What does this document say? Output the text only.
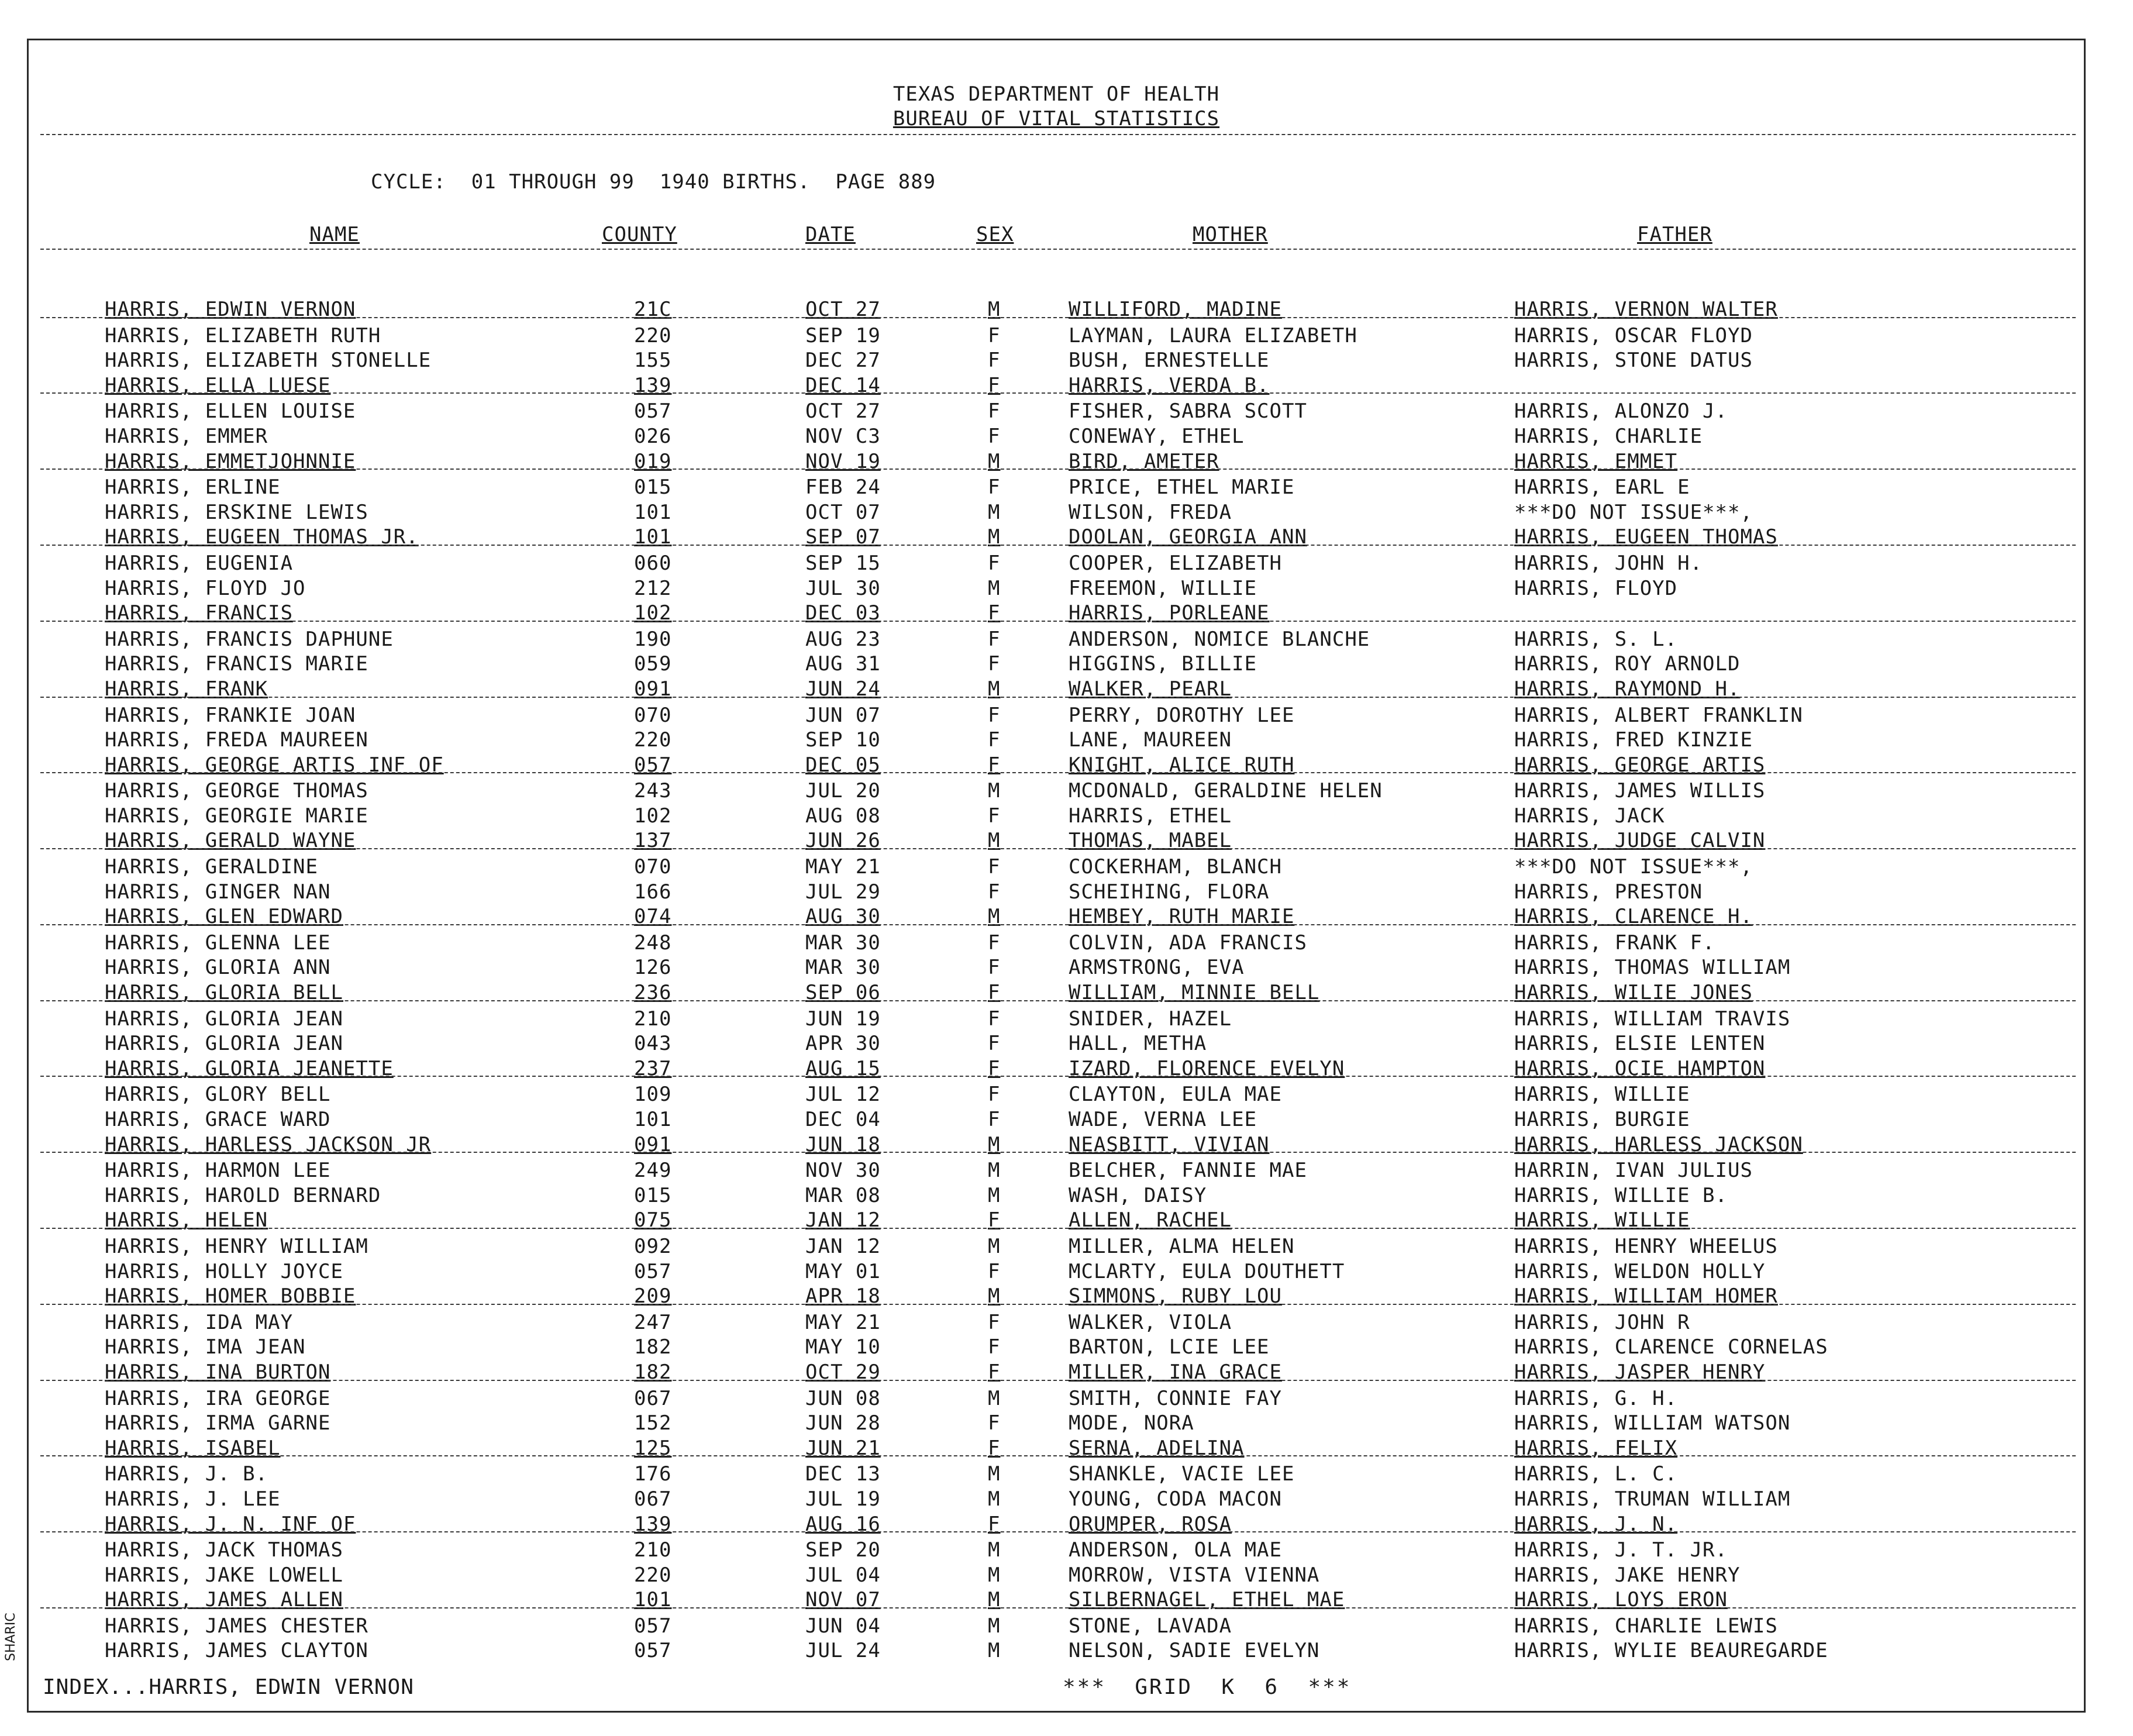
TEXAS DEPARTMENT OF HEALTH
BUREAU OF VITAL STATISTICS
CYCLE:  01 THROUGH 99  1940 BIRTHS.  PAGE 889
NAME	COUNTY	DATE	SEX	MOTHER	FATHER
HARRIS, EDWIN VERNON	21C	OCT 27	M	WILLIFORD, MADINE	HARRIS, VERNON WALTER
HARRIS, ELIZABETH RUTH	220	SEP 19	F	LAYMAN, LAURA ELIZABETH	HARRIS, OSCAR FLOYD
HARRIS, ELIZABETH STONELLE	155	DEC 27	F	BUSH, ERNESTELLE	HARRIS, STONE DATUS
HARRIS, ELLA LUESE	139	DEC 14	F	HARRIS, VERDA B.
HARRIS, ELLEN LOUISE	057	OCT 27	F	FISHER, SABRA SCOTT	HARRIS, ALONZO J.
HARRIS, EMMER	026	NOV C3	F	CONEWAY, ETHEL	HARRIS, CHARLIE
HARRIS, EMMETJOHNNIE	019	NOV 19	M	BIRD, AMETER	HARRIS, EMMET
HARRIS, ERLINE	015	FEB 24	F	PRICE, ETHEL MARIE	HARRIS, EARL E
HARRIS, ERSKINE LEWIS	101	OCT 07	M	WILSON, FREDA	***DO NOT ISSUE***,
HARRIS, EUGEEN THOMAS JR.	101	SEP 07	M	DOOLAN, GEORGIA ANN	HARRIS, EUGEEN THOMAS
HARRIS, EUGENIA	060	SEP 15	F	COOPER, ELIZABETH	HARRIS, JOHN H.
HARRIS, FLOYD JO	212	JUL 30	M	FREEMON, WILLIE	HARRIS, FLOYD
HARRIS, FRANCIS	102	DEC 03	F	HARRIS, PORLEANE
HARRIS, FRANCIS DAPHUNE	190	AUG 23	F	ANDERSON, NOMICE BLANCHE	HARRIS, S. L.
HARRIS, FRANCIS MARIE	059	AUG 31	F	HIGGINS, BILLIE	HARRIS, ROY ARNOLD
HARRIS, FRANK	091	JUN 24	M	WALKER, PEARL	HARRIS, RAYMOND H.
HARRIS, FRANKIE JOAN	070	JUN 07	F	PERRY, DOROTHY LEE	HARRIS, ALBERT FRANKLIN
HARRIS, FREDA MAUREEN	220	SEP 10	F	LANE, MAUREEN	HARRIS, FRED KINZIE
HARRIS, GEORGE ARTIS INF OF	057	DEC 05	F	KNIGHT, ALICE RUTH	HARRIS, GEORGE ARTIS
HARRIS, GEORGE THOMAS	243	JUL 20	M	MCDONALD, GERALDINE HELEN	HARRIS, JAMES WILLIS
HARRIS, GEORGIE MARIE	102	AUG 08	F	HARRIS, ETHEL	HARRIS, JACK
HARRIS, GERALD WAYNE	137	JUN 26	M	THOMAS, MABEL	HARRIS, JUDGE CALVIN
HARRIS, GERALDINE	070	MAY 21	F	COCKERHAM, BLANCH	***DO NOT ISSUE***,
HARRIS, GINGER NAN	166	JUL 29	F	SCHEIHING, FLORA	HARRIS, PRESTON
HARRIS, GLEN EDWARD	074	AUG 30	M	HEMBEY, RUTH MARIE	HARRIS, CLARENCE H.
HARRIS, GLENNA LEE	248	MAR 30	F	COLVIN, ADA FRANCIS	HARRIS, FRANK F.
HARRIS, GLORIA ANN	126	MAR 30	F	ARMSTRONG, EVA	HARRIS, THOMAS WILLIAM
HARRIS, GLORIA BELL	236	SEP 06	F	WILLIAM, MINNIE BELL	HARRIS, WILIE JONES
HARRIS, GLORIA JEAN	210	JUN 19	F	SNIDER, HAZEL	HARRIS, WILLIAM TRAVIS
HARRIS, GLORIA JEAN	043	APR 30	F	HALL, METHA	HARRIS, ELSIE LENTEN
HARRIS, GLORIA JEANETTE	237	AUG 15	F	IZARD, FLORENCE EVELYN	HARRIS, OCIE HAMPTON
HARRIS, GLORY BELL	109	JUL 12	F	CLAYTON, EULA MAE	HARRIS, WILLIE
HARRIS, GRACE WARD	101	DEC 04	F	WADE, VERNA LEE	HARRIS, BURGIE
HARRIS, HARLESS JACKSON JR	091	JUN 18	M	NEASBITT, VIVIAN	HARRIS, HARLESS JACKSON
HARRIS, HARMON LEE	249	NOV 30	M	BELCHER, FANNIE MAE	HARRIN, IVAN JULIUS
HARRIS, HAROLD BERNARD	015	MAR 08	M	WASH, DAISY	HARRIS, WILLIE B.
HARRIS, HELEN	075	JAN 12	F	ALLEN, RACHEL	HARRIS, WILLIE
HARRIS, HENRY WILLIAM	092	JAN 12	M	MILLER, ALMA HELEN	HARRIS, HENRY WHEELUS
HARRIS, HOLLY JOYCE	057	MAY 01	F	MCLARTY, EULA DOUTHETT	HARRIS, WELDON HOLLY
HARRIS, HOMER BOBBIE	209	APR 18	M	SIMMONS, RUBY LOU	HARRIS, WILLIAM HOMER
HARRIS, IDA MAY	247	MAY 21	F	WALKER, VIOLA	HARRIS, JOHN R
HARRIS, IMA JEAN	182	MAY 10	F	BARTON, LCIE LEE	HARRIS, CLARENCE CORNELAS
HARRIS, INA BURTON	182	OCT 29	F	MILLER, INA GRACE	HARRIS, JASPER HENRY
HARRIS, IRA GEORGE	067	JUN 08	M	SMITH, CONNIE FAY	HARRIS, G. H.
HARRIS, IRMA GARNE	152	JUN 28	F	MODE, NORA	HARRIS, WILLIAM WATSON
HARRIS, ISABEL	125	JUN 21	F	SERNA, ADELINA	HARRIS, FELIX
HARRIS, J. B.	176	DEC 13	M	SHANKLE, VACIE LEE	HARRIS, L. C.
HARRIS, J. LEE	067	JUL 19	M	YOUNG, CODA MACON	HARRIS, TRUMAN WILLIAM
HARRIS, J. N. INF OF	139	AUG 16	F	ORUMPER, ROSA	HARRIS, J. N.
HARRIS, JACK THOMAS	210	SEP 20	M	ANDERSON, OLA MAE	HARRIS, J. T. JR.
HARRIS, JAKE LOWELL	220	JUL 04	M	MORROW, VISTA VIENNA	HARRIS, JAKE HENRY
HARRIS, JAMES ALLEN	101	NOV 07	M	SILBERNAGEL, ETHEL MAE	HARRIS, LOYS ERON
HARRIS, JAMES CHESTER	057	JUN 04	M	STONE, LAVADA	HARRIS, CHARLIE LEWIS
HARRIS, JAMES CLAYTON	057	JUL 24	M	NELSON, SADIE EVELYN	HARRIS, WYLIE BEAUREGARDE
INDEX...HARRIS, EDWIN VERNON	***  GRID  K  6  ***
SHARIC
